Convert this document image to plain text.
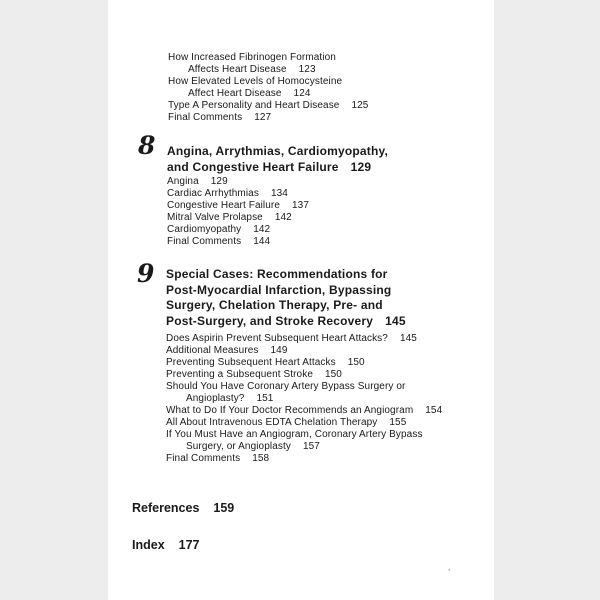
How Increased Fibrinogen Formation
Affects Heart Disease 123
How Elevated Levels of Homocysteine
Affect Heart Disease 124
Type A Personality and Heart Disease 125
Final Comments 127
8 Angina, Arrythmias, Cardiomyopathy,
and Congestive Heart Failure 129
Angina 129
Cardiac Arrhythmias 134
Congestive Heart Failure 137
Mitral Valve Prolapse 142
Cardiomyopathy 142
Final Comments 144
9 Special Cases: Recommendations for
Post-Myocardial Infarction, Bypassing
Surgery, Chelation Therapy, Pre- and
Post-Surgery, and Stroke Recovery 145
Does Aspirin Prevent Subsequent Heart Attacks? 145
Additional Measures 149
Preventing Subsequent Heart Attacks 150
Preventing a Subsequent Stroke 150
Should You Have Coronary Artery Bypass Surgery or
Angioplasty? 151
What to Do If Your Doctor Recommends an Angiogram 154
All About Intravenous EDTA Chelation Therapy 155
If You Must Have an Angiogram, Coronary Artery Bypass
Surgery, or Angioplasty 157
Final Comments 158
References 159
Index 177
,
